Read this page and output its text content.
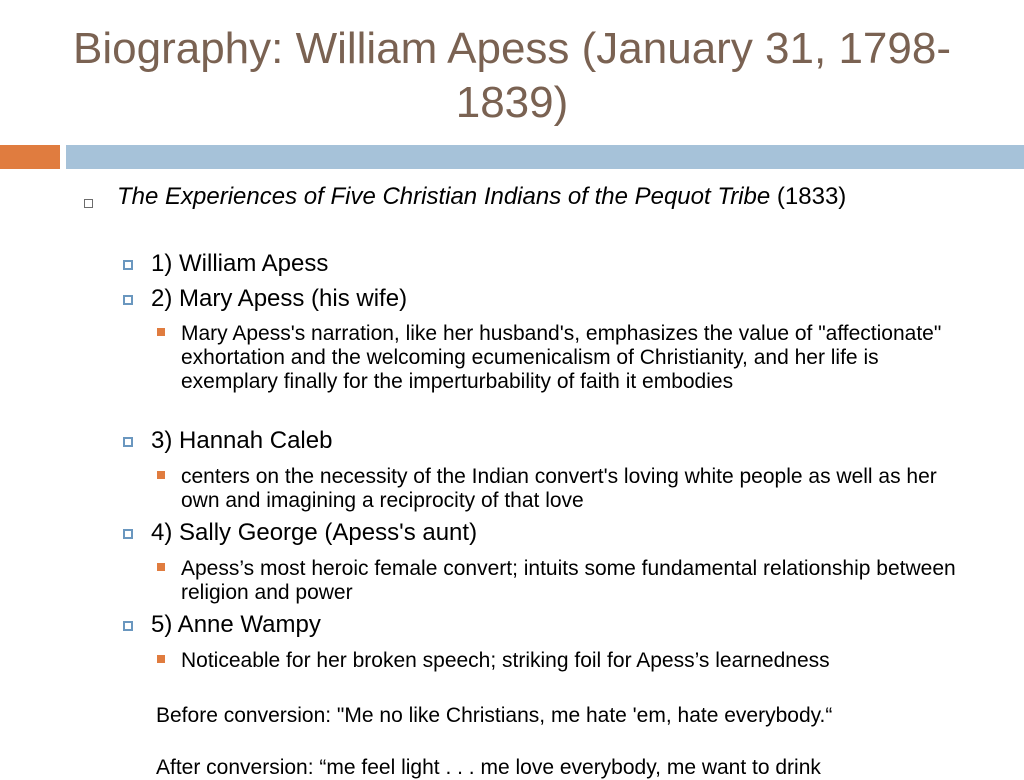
Biography: William Apess (January 31, 1798-1839)
The Experiences of Five Christian Indians of the Pequot Tribe (1833)
1) William Apess
2) Mary Apess (his wife)
Mary Apess's narration, like her husband's, emphasizes the value of "affectionate" exhortation and the welcoming ecumenicalism of Christianity, and her life is exemplary finally for the imperturbability of faith it embodies
3) Hannah Caleb
centers on the necessity of the Indian convert's loving white people as well as her own and imagining a reciprocity of that love
4) Sally George (Apess's aunt)
Apess’s most heroic female convert; intuits some fundamental relationship between religion and power
5) Anne Wampy
Noticeable for her broken speech; striking foil for Apess’s learnedness
Before conversion: "Me no like Christians, me hate 'em, hate everybody.“
After conversion: “me feel light . . . me love everybody, me want to drink
